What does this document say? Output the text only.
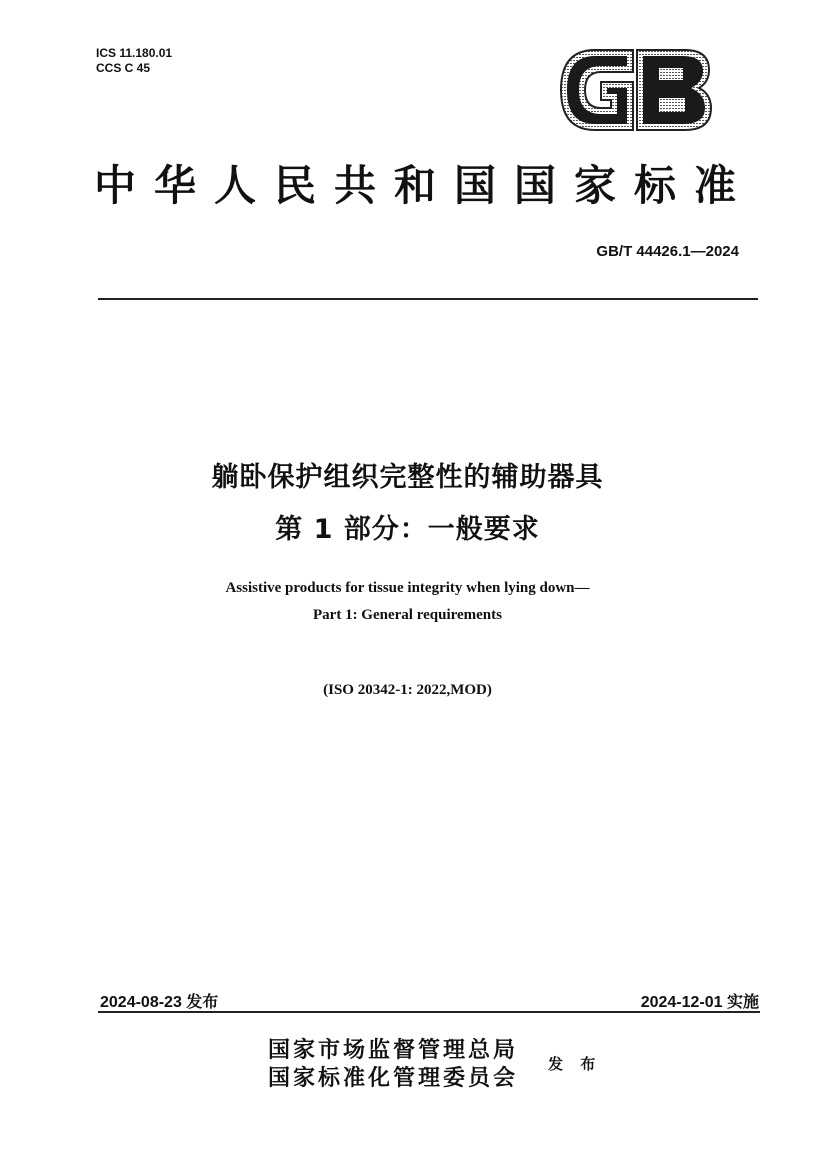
ICS 11.180.01
CCS C 45
中华人民共和国国家标准
GB/T 44426.1—2024
躺卧保护组织完整性的辅助器具
第 1 部分：一般要求
Assistive products for tissue integrity when lying down—
Part 1: General requirements
(ISO 20342-1: 2022,MOD)
2024-08-23 发布	2024-12-01 实施
国家市场监督管理总局
国家标准化管理委员会
发 布
